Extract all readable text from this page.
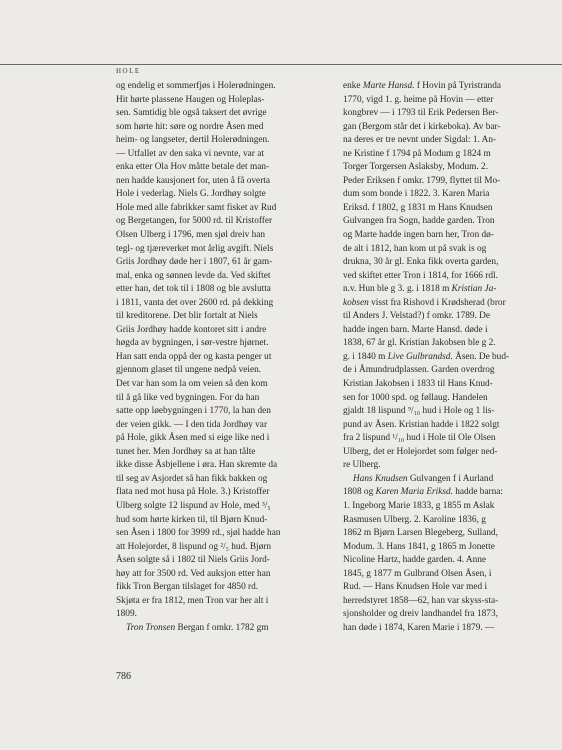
HOLE
og endelig et sommerfjøs i Holerødningen.
Hit hørte plassene Haugen og Holeplas-
sen. Samtidig ble også taksert det øvrige
som hørte hit: søre og nordre Åsen med
heim- og langseter, dertil Holerødningen.
— Utfallet av den saka vi nevnte, var at
enka etter Ola Hov måtte betale det man-
nen hadde kausjonert for, uten å få overta
Hole i vederlag. Niels G. Jordhøy solgte
Hole med alle fabrikker samt fisket av Rud
og Bergetangen, for 5000 rd. til Kristoffer
Olsen Ulberg i 1796, men sjøl dreiv han
tegl- og tjæreverket mot årlig avgift. Niels
Griis Jordhøy døde her i 1807, 61 år gam-
mal, enka og sønnen levde da. Ved skiftet
etter han, det tok til i 1808 og ble avslutta
i 1811, vanta det over 2600 rd. på dekking
til kreditorene. Det blir fortalt at Niels
Griis Jordhøy hadde kontoret sitt i andre
høgda av bygningen, i sør-vestre hjørnet.
Han satt enda oppå der og kasta penger ut
gjennom glaset til ungene nedpå veien.
Det var han som la om veien så den kom
til å gå like ved bygningen. For da han
satte opp løebygningen i 1770, la han den
der veien gikk. — I den tida Jordhøy var
på Hole, gikk Åsen med si eige like ned i
tunet her. Men Jordhøy sa at han tålte
ikke disse Åsbjellene i øra. Han skremte da
til seg av Asjordet så han fikk bakken og
flata ned mot husa på Hole. 3.) Kristoffer
Ulberg solgte 12 lispund av Hole, med ³/₅
hud som hørte kirken til, til Bjørn Knud-
sen Åsen i 1800 for 3999 rd., sjøl hadde han
att Holejordet, 8 lispund og ²/₅ hud. Bjørn
Åsen solgte så i 1802 til Niels Griis Jord-
høy att for 3500 rd. Ved auksjon etter han
fikk Tron Bergan tilslaget for 4850 rd.
Skjøta er fra 1812, men Tron var her alt i
1809.
Tron Tronsen Bergan f omkr. 1782 gm
enke Marte Hansd. f Hovin på Tyristranda
1770, vigd 1. g. heime på Hovin — etter
kongbrev — i 1793 til Erik Pedersen Ber-
gan (Bergom står det i kirkeboka). Av bar-
na deres er tre nevnt under Sigdal: 1. An-
ne Kristine f 1794 på Modum g 1824 m
Torger Torgersen Aslaksby, Modum. 2.
Peder Eriksen f omkr. 1799, flyttet til Mo-
dum som bonde i 1822. 3. Karen Maria
Eriksd. f 1802, g 1831 m Hans Knudsen
Gulvangen fra Sogn, hadde garden. Tron
og Marte hadde ingen barn her, Tron dø-
de alt i 1812, han kom ut på svak is og
drukna, 30 år gl. Enka fikk overta garden,
ved skiftet etter Tron i 1814, for 1666 rdl.
n.v. Hun ble g 3. g. i 1818 m Kristian Ja-
kobsen visst fra Rishovd i Krødsherad (bror
til Anders J. Velstad?) f omkr. 1789. De
hadde ingen barn. Marte Hansd. døde i
1838, 67 år gl. Kristian Jakobsen ble g 2.
g. i 1840 m Live Gulbrandsd. Åsen. De bud-
de i Åmundrudplassen. Garden overdrog
Kristian Jakobsen i 1833 til Hans Knud-
sen for 1000 spd. og føllaug. Handelen
gjaldt 18 lispund ⁹/₁₀ hud i Hole og 1 lis-
pund av Åsen. Kristian hadde i 1822 solgt
fra 2 lispund ¹/₁₀ hud i Hole til Ole Olsen
Ulberg, det er Holejordet som følger ned-
re Ulberg.
Hans Knudsen Gulvangen f i Aurland
1808 og Karen Maria Eriksd. hadde barna:
1. Ingeborg Marie 1833, g 1855 m Aslak
Rasmusen Ulberg. 2. Karoline 1836, g
1862 m Bjørn Larsen Blegeberg, Sulland,
Modum. 3. Hans 1841, g 1865 m Jonette
Nicoline Hartz, hadde garden. 4. Anne
1845, g 1877 m Gulbrand Olsen Åsen, i
Rud. — Hans Knudsen Hole var med i
herredstyret 1858—62, han var skyss-sta-
sjonsholder og dreiv landhandel fra 1873,
han døde i 1874, Karen Marie i 1879. —
786
